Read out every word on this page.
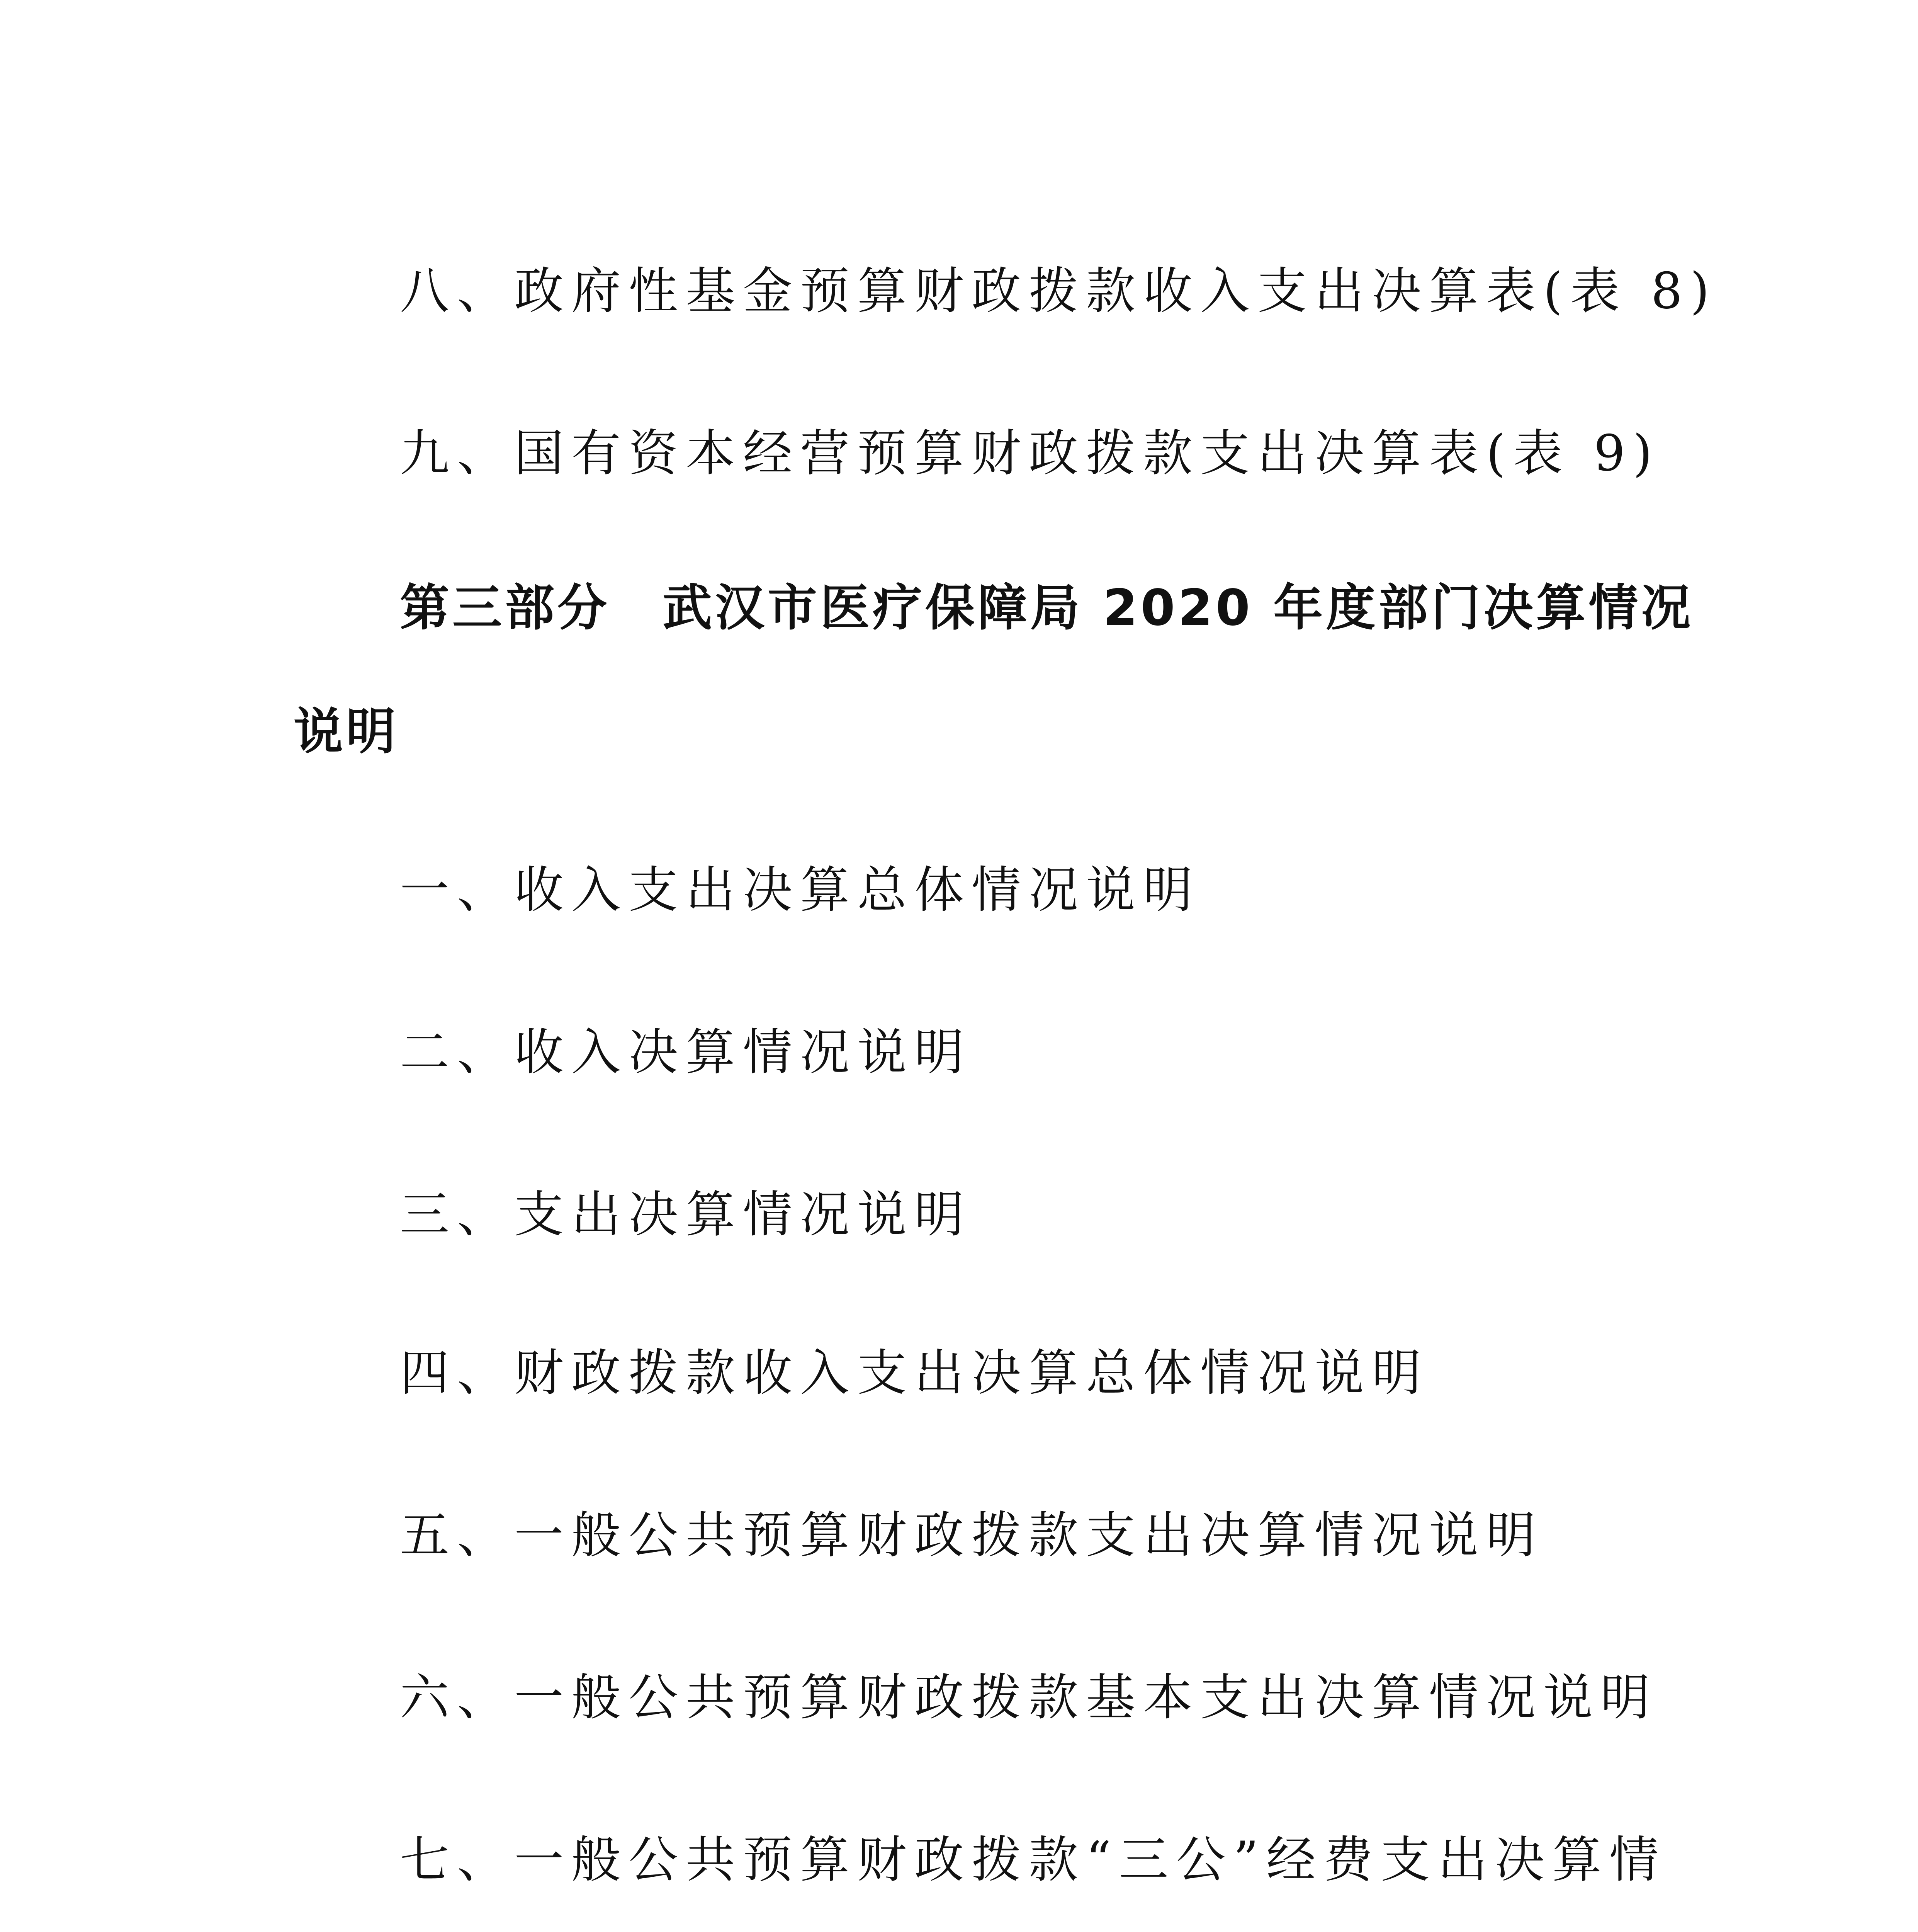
八、政府性基金预算财政拨款收入支出决算表(表 8)
九、国有资本经营预算财政拨款支出决算表(表 9)
第三部分　武汉市医疗保障局 2020 年度部门决算情况
说明
一、收入支出决算总体情况说明
二、收入决算情况说明
三、支出决算情况说明
四、财政拨款收入支出决算总体情况说明
五、一般公共预算财政拨款支出决算情况说明
六、一般公共预算财政拨款基本支出决算情况说明
七、一般公共预算财政拨款“三公”经费支出决算情
